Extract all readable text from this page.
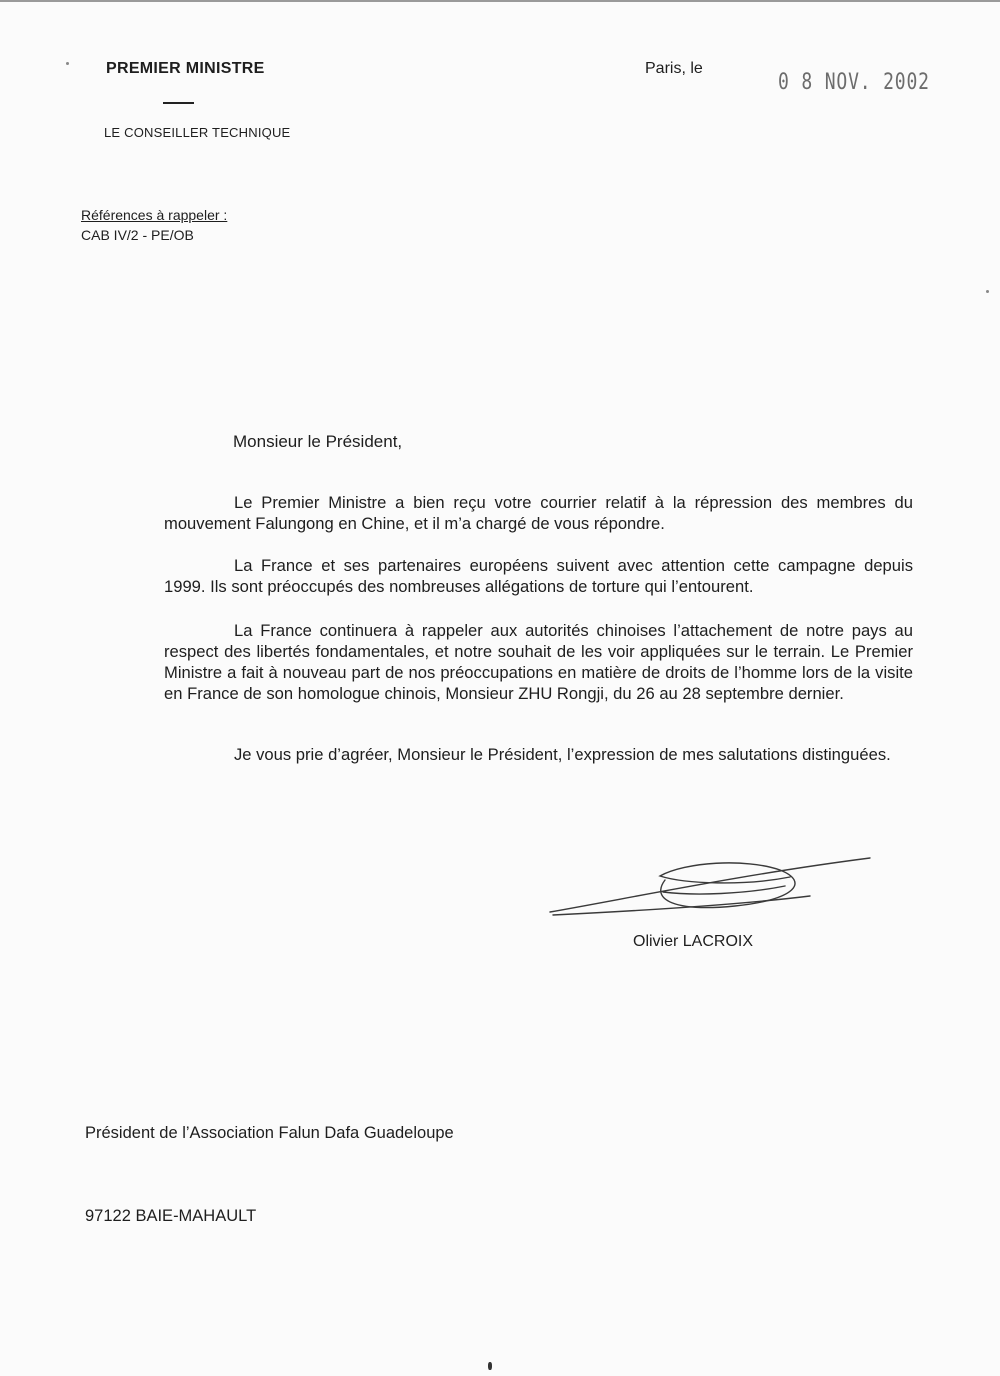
PREMIER MINISTRE
LE CONSEILLER TECHNIQUE
Paris, le
0 8 NOV. 2002
Références à rappeler :
CAB IV/2 - PE/OB
Monsieur le Président,

Le Premier Ministre a bien reçu votre courrier relatif à la répression des membres du mouvement Falungong en Chine, et il m’a chargé de vous répondre.

La France et ses partenaires européens suivent avec attention cette campagne depuis 1999. Ils sont préoccupés des nombreuses allégations de torture qui l’entourent.

La France continuera à rappeler aux autorités chinoises l’attachement de notre pays au respect des libertés fondamentales, et notre souhait de les voir appliquées sur le terrain. Le Premier Ministre a fait à nouveau part de nos préoccupations en matière de droits de l’homme lors de la visite en France de son homologue chinois, Monsieur ZHU Rongji, du 26 au 28 septembre dernier.

Je vous prie d’agréer, Monsieur le Président, l’expression de mes salutations distinguées.

Olivier LACROIX
Président de l’Association Falun Dafa Guadeloupe
97122 BAIE-MAHAULT
